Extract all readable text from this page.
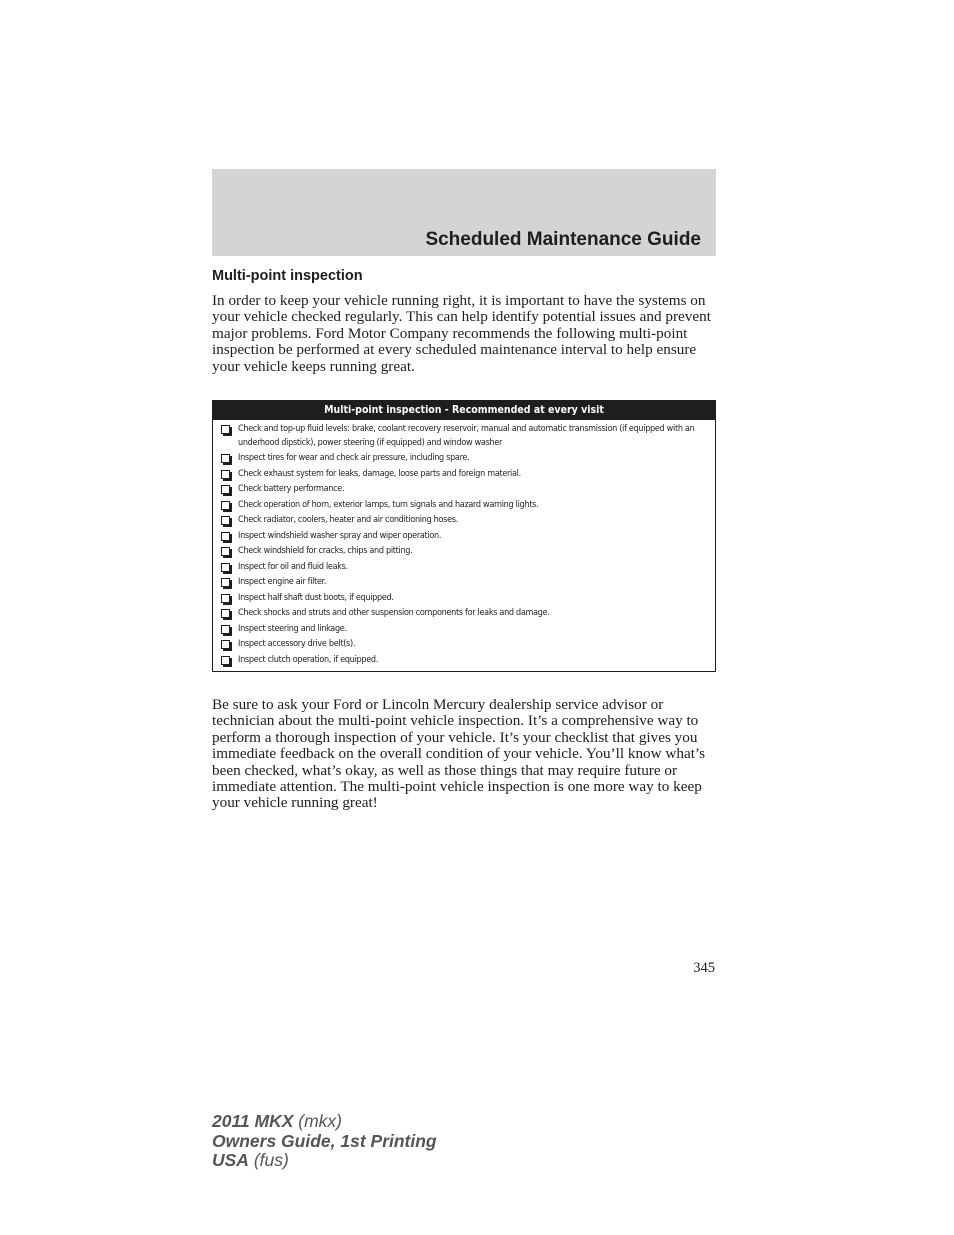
Scheduled Maintenance Guide
Multi-point inspection
In order to keep your vehicle running right, it is important to have the systems on your vehicle checked regularly. This can help identify potential issues and prevent major problems. Ford Motor Company recommends the following multi-point inspection be performed at every scheduled maintenance interval to help ensure your vehicle keeps running great.
Multi-point inspection - Recommended at every visit
Check and top-up fluid levels: brake, coolant recovery reservoir, manual and automatic transmission (if equipped with an underhood dipstick), power steering (if equipped) and window washer
Inspect tires for wear and check air pressure, including spare.
Check exhaust system for leaks, damage, loose parts and foreign material.
Check battery performance.
Check operation of horn, exterior lamps, turn signals and hazard warning lights.
Check radiator, coolers, heater and air conditioning hoses.
Inspect windshield washer spray and wiper operation.
Check windshield for cracks, chips and pitting.
Inspect for oil and fluid leaks.
Inspect engine air filter.
Inspect half shaft dust boots, if equipped.
Check shocks and struts and other suspension components for leaks and damage.
Inspect steering and linkage.
Inspect accessory drive belt(s).
Inspect clutch operation, if equipped.
Be sure to ask your Ford or Lincoln Mercury dealership service advisor or technician about the multi-point vehicle inspection. It’s a comprehensive way to perform a thorough inspection of your vehicle. It’s your checklist that gives you immediate feedback on the overall condition of your vehicle. You’ll know what’s been checked, what’s okay, as well as those things that may require future or immediate attention. The multi-point vehicle inspection is one more way to keep your vehicle running great!
345
2011 MKX (mkx)
Owners Guide, 1st Printing
USA (fus)
